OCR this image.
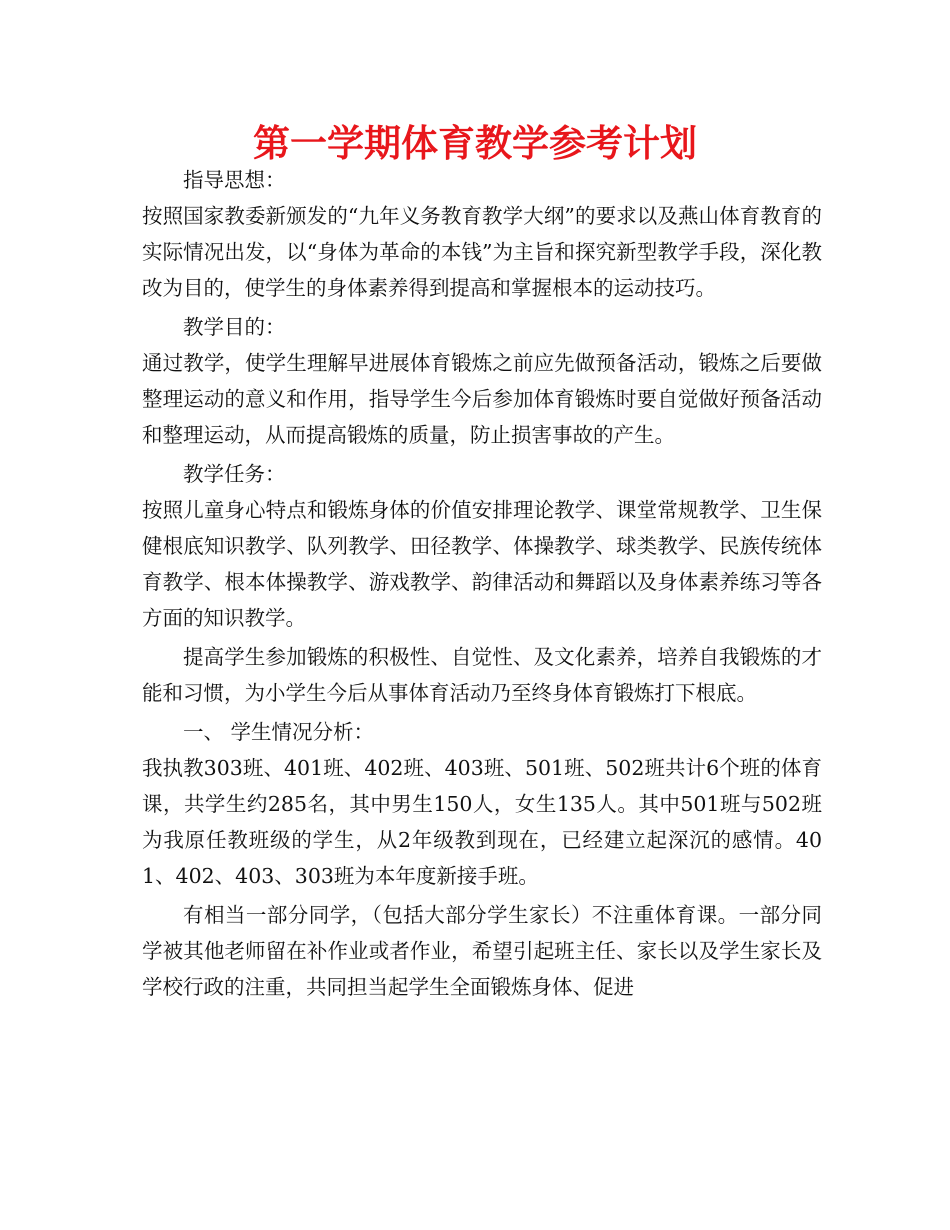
第一学期体育教学参考计划

指导思想：

按照国家教委新颁发的“九年义务教育教学大纲”的要求以及燕山体育教育的实际情况出发，以“身体为革命的本钱”为主旨和探究新型教学手段，深化教改为目的，使学生的身体素养得到提高和掌握根本的运动技巧。

教学目的：

通过教学，使学生理解早进展体育锻炼之前应先做预备活动，锻炼之后要做整理运动的意义和作用，指导学生今后参加体育锻炼时要自觉做好预备活动和整理运动，从而提高锻炼的质量，防止损害事故的产生。

教学任务：

按照儿童身心特点和锻炼身体的价值安排理论教学、课堂常规教学、卫生保健根底知识教学、队列教学、田径教学、体操教学、球类教学、民族传统体育教学、根本体操教学、游戏教学、韵律活动和舞蹈以及身体素养练习等各方面的知识教学。

提高学生参加锻炼的积极性、自觉性、及文化素养，培养自我锻炼的才能和习惯，为小学生今后从事体育活动乃至终身体育锻炼打下根底。

一、 学生情况分析：

我执教303班、401班、402班、403班、501班、502班共计6个班的体育课，共学生约285名，其中男生150人，女生135人。其中501班与502班为我原任教班级的学生，从2年级教到现在，已经建立起深沉的感情。401、402、403、303班为本年度新接手班。

有相当一部分同学，（包括大部分学生家长）不注重体育课。一部分同学被其他老师留在补作业或者作业，希望引起班主任、家长以及学生家长及学校行政的注重，共同担当起学生全面锻炼身体、促进
